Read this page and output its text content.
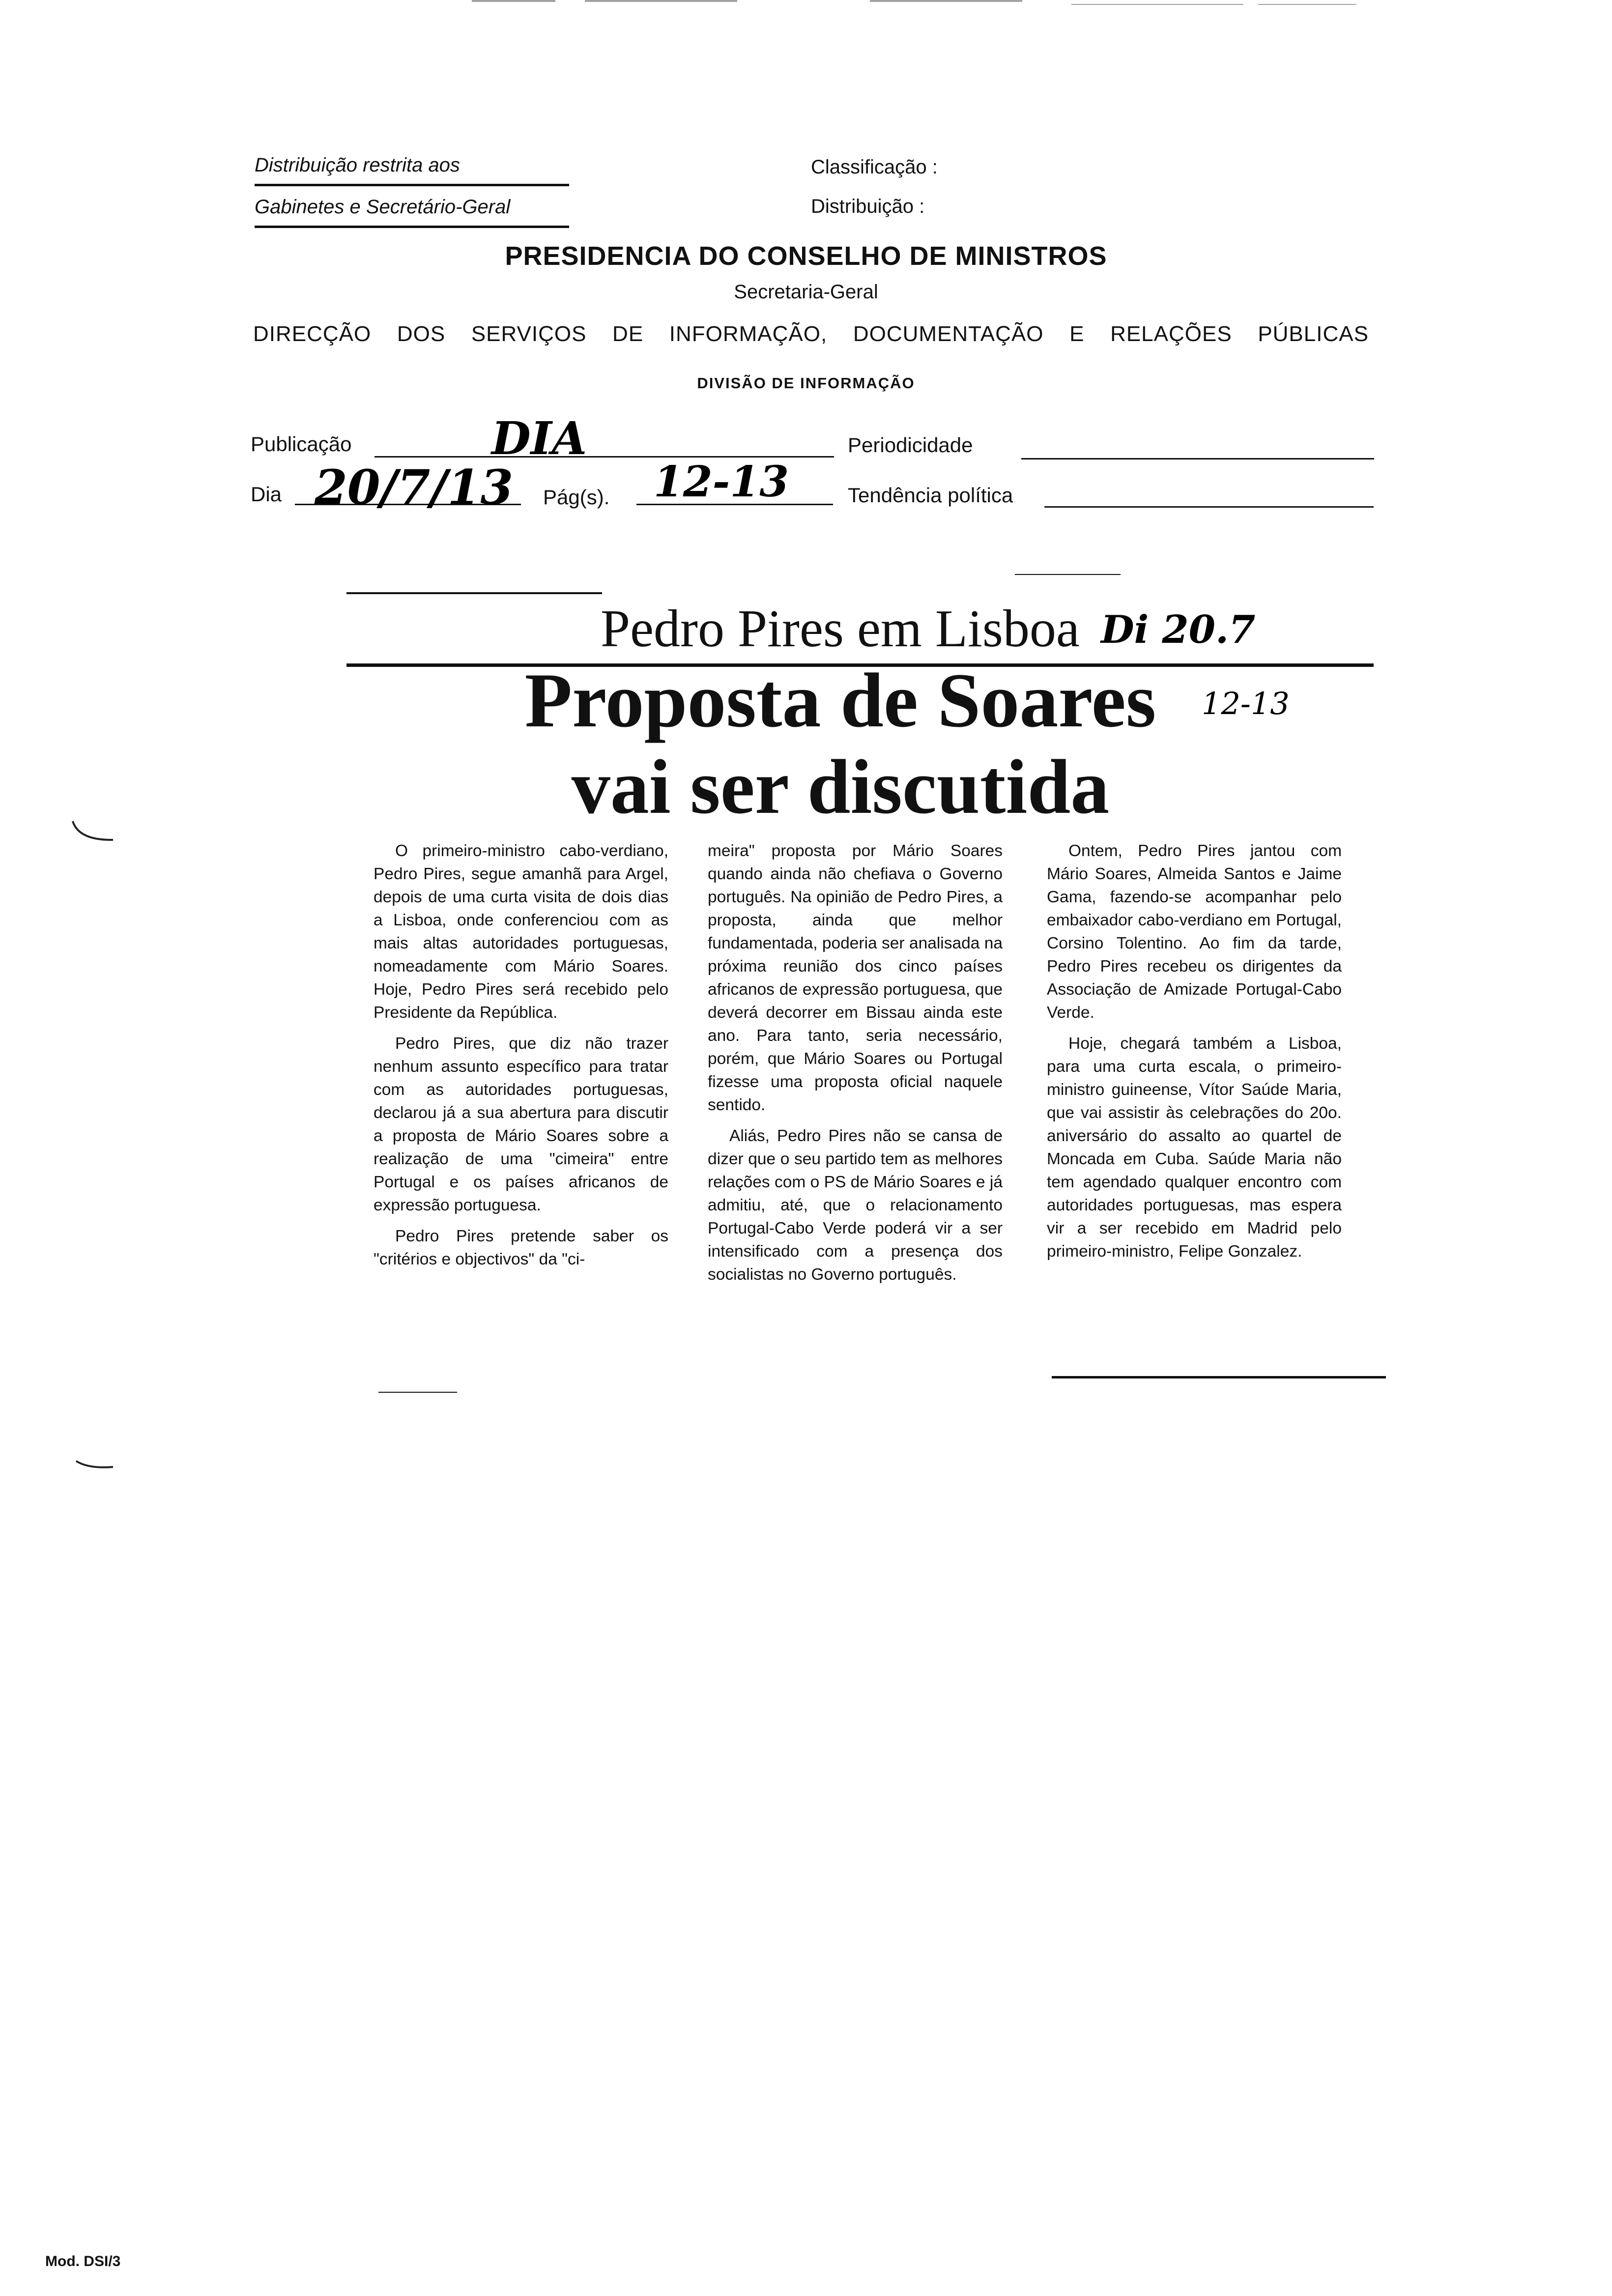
Distribuição restrita aos
Gabinetes e Secretário-Geral
Classificação :
Distribuição :
PRESIDENCIA DO CONSELHO DE MINISTROS
Secretaria-Geral
DIRECÇÃO DOS SERVIÇOS DE INFORMAÇÃO, DOCUMENTAÇÃO E RELAÇÕES PÚBLICAS
DIVISÃO DE INFORMAÇÃO
Publicação	DIA	Periodicidade
Dia 20/7/13 Pág(s). 12-13	Tendência política
Pedro Pires em Lisboa Di 20.7
Proposta de Soares
vai ser discutida
12-13

O primeiro-ministro cabo-verdiano, Pedro Pires, segue amanhã para Argel, depois de uma curta visita de dois dias a Lisboa, onde conferenciou com as mais altas autoridades portuguesas, nomeadamente com Mário Soares. Hoje, Pedro Pires será recebido pelo Presidente da República.

Pedro Pires, que diz não trazer nenhum assunto específico para tratar com as autoridades portuguesas, declarou já a sua abertura para discutir a proposta de Mário Soares sobre a realização de uma "cimeira" entre Portugal e os países africanos de expressão portuguesa.

Pedro Pires pretende saber os "critérios e objectivos" da "ci-

meira" proposta por Mário Soares quando ainda não chefiava o Governo português. Na opinião de Pedro Pires, a proposta, ainda que melhor fundamentada, poderia ser analisada na próxima reunião dos cinco países africanos de expressão portuguesa, que deverá decorrer em Bissau ainda este ano. Para tanto, seria necessário, porém, que Mário Soares ou Portugal fizesse uma proposta oficial naquele sentido.

Aliás, Pedro Pires não se cansa de dizer que o seu partido tem as melhores relações com o PS de Mário Soares e já admitiu, até, que o relacionamento Portugal-Cabo Verde poderá vir a ser intensificado com a presença dos socialistas no Governo português.

Ontem, Pedro Pires jantou com Mário Soares, Almeida Santos e Jaime Gama, fazendo-se acompanhar pelo embaixador cabo-verdiano em Portugal, Corsino Tolentino. Ao fim da tarde, Pedro Pires recebeu os dirigentes da Associação de Amizade Portugal-Cabo Verde.

Hoje, chegará também a Lisboa, para uma curta escala, o primeiro-ministro guineense, Vítor Saúde Maria, que vai assistir às celebrações do 20o. aniversário do assalto ao quartel de Moncada em Cuba. Saúde Maria não tem agendado qualquer encontro com autoridades portuguesas, mas espera vir a ser recebido em Madrid pelo primeiro-ministro, Felipe Gonzalez.

Mod. DSI/3
